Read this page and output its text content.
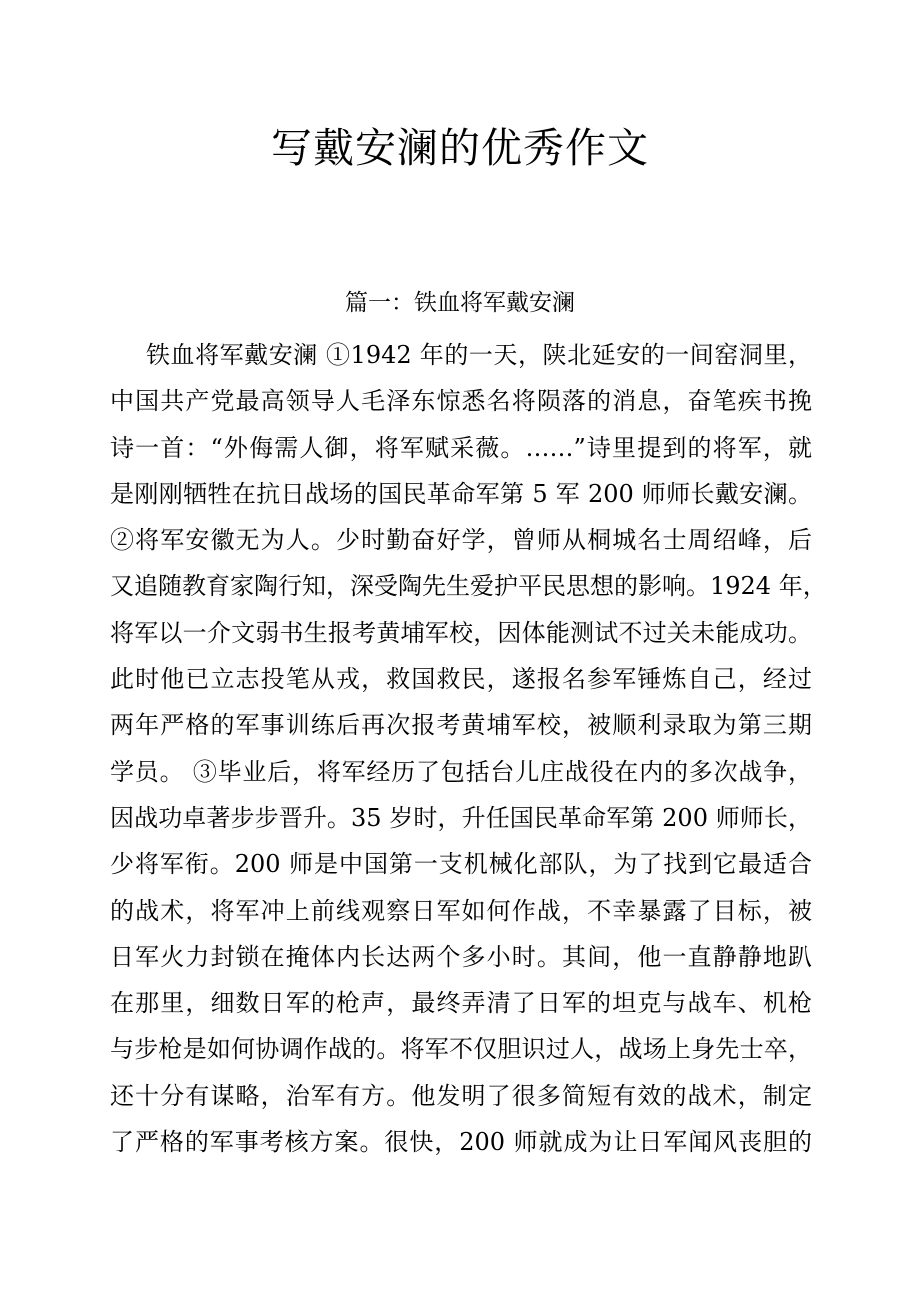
写戴安澜的优秀作文
篇一：铁血将军戴安澜
铁血将军戴安澜 ①1942 年的一天，陕北延安的一间窑洞里，
中国共产党最高领导人毛泽东惊悉名将陨落的消息，奋笔疾书挽
诗一首：“外侮需人御，将军赋采薇。……”诗里提到的将军，就
是刚刚牺牲在抗日战场的国民革命军第 5 军 200 师师长戴安澜。
②将军安徽无为人。少时勤奋好学，曾师从桐城名士周绍峰，后
又追随教育家陶行知，深受陶先生爱护平民思想的影响。1924 年，
将军以一介文弱书生报考黄埔军校，因体能测试不过关未能成功。
此时他已立志投笔从戎，救国救民，遂报名参军锤炼自己，经过
两年严格的军事训练后再次报考黄埔军校，被顺利录取为第三期
学员。 ③毕业后，将军经历了包括台儿庄战役在内的多次战争，
因战功卓著步步晋升。35 岁时，升任国民革命军第 200 师师长，
少将军衔。200 师是中国第一支机械化部队，为了找到它最适合
的战术，将军冲上前线观察日军如何作战，不幸暴露了目标，被
日军火力封锁在掩体内长达两个多小时。其间，他一直静静地趴
在那里，细数日军的枪声，最终弄清了日军的坦克与战车、机枪
与步枪是如何协调作战的。将军不仅胆识过人，战场上身先士卒，
还十分有谋略，治军有方。他发明了很多简短有效的战术，制定
了严格的军事考核方案。很快，200 师就成为让日军闻风丧胆的
